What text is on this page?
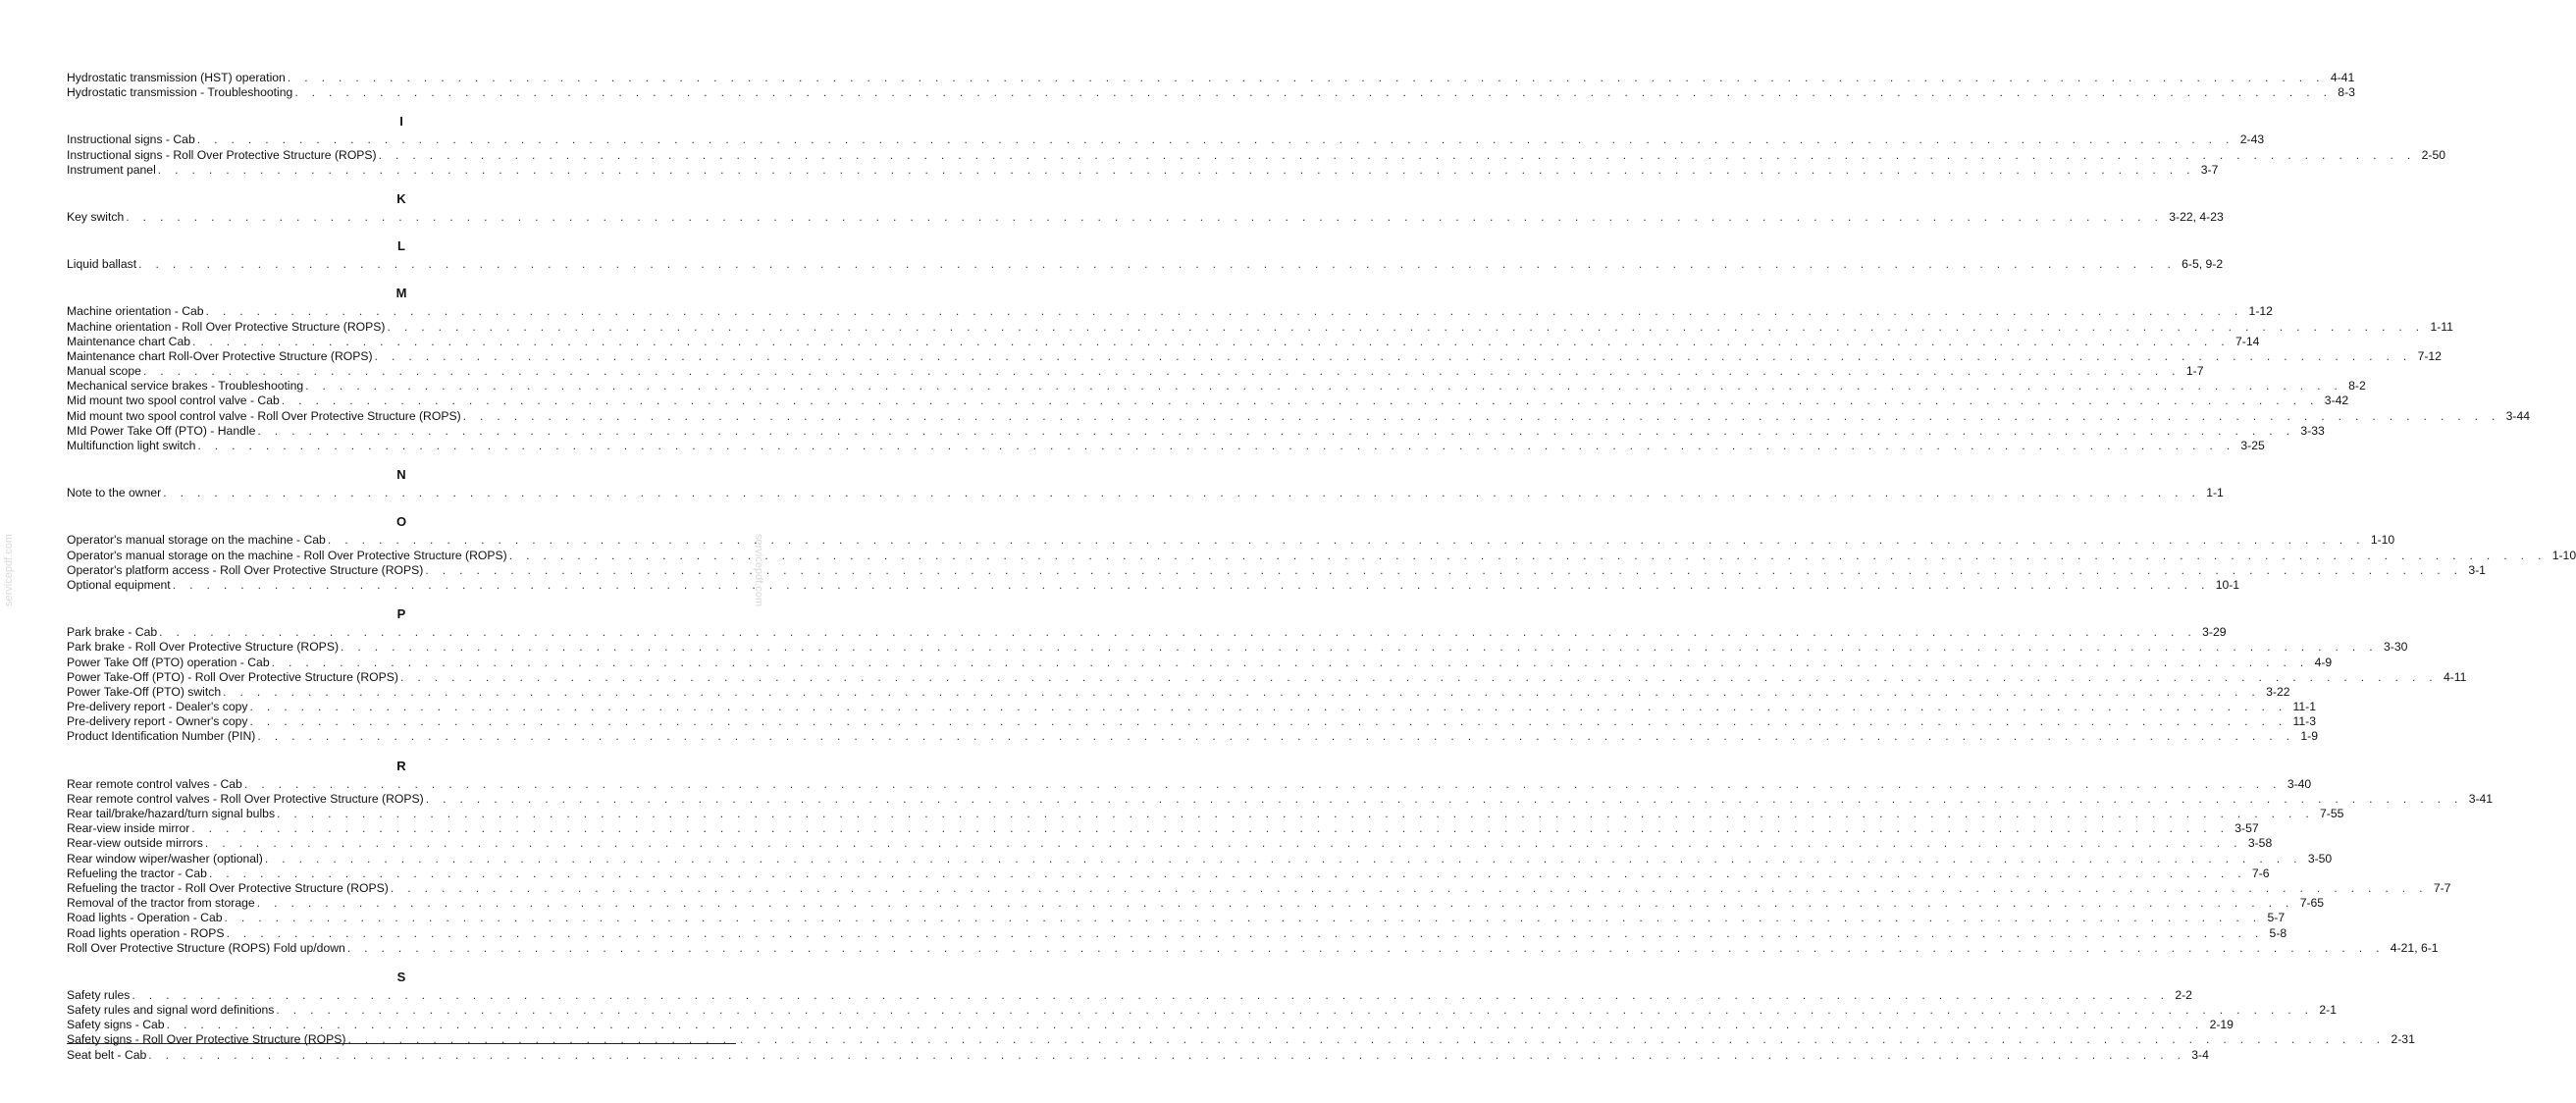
servicepdf.com	servicepdf.com
Hydrostatic transmission (HST) operation . . . . . . . . . . . . . . . . . . . . . . . . . . . . . . . . . . . . . . . . . . . . . . . . . . . . . . . . . . . . . . . . . . . . . . . . . . . . . . . . . . . . . . . . . . . . . . . . . . . . . . . . . . . . . . . . . . . . . . . . 4-41
Hydrostatic transmission - Troubleshooting . . . . . . . . . . . . . . . . . . . . . . . . . . . . . . . . . . . . . . . . . . . . . . . . . . . . . . . . . . . . . . . . . . . . . . . . . . . . . . . . . . . . . . . . . . . . . . . . . . . . . . . . . . . . . . . . . . . . . . . . 8-3
I
Instructional signs - Cab . . . . . . . . . . . . . . . . . . . . . . . . . . . . . . . . . . . . . . . . . . . . . . . . . . . . . . . . . . . . . . . . . . . . . . . . . . . . . . . . . . . . . . . . . . . . . . . . . . . . . . . . . . . . . . . . . . . . . . . . 2-43
Instructional signs - Roll Over Protective Structure (ROPS) . . . . . . . . . . . . . . . . . . . . . . . . . . . . . . . . . . . . . . . . . . . . . . . . . . . . . . . . . . . . . . . . . . . . . . . . . . . . . . . . . . . . . . . . . . . . . . . . . . . . . . . . . . . . . . . . . . . . . . . . 2-50
Instrument panel . . . . . . . . . . . . . . . . . . . . . . . . . . . . . . . . . . . . . . . . . . . . . . . . . . . . . . . . . . . . . . . . . . . . . . . . . . . . . . . . . . . . . . . . . . . . . . . . . . . . . . . . . . . . . . . . . . . . . . . . 3-7
K
Key switch . . . . . . . . . . . . . . . . . . . . . . . . . . . . . . . . . . . . . . . . . . . . . . . . . . . . . . . . . . . . . . . . . . . . . . . . . . . . . . . . . . . . . . . . . . . . . . . . . . . . . . . . . . . . . . . . . . . . . . . . 3-22, 4-23
L
Liquid ballast . . . . . . . . . . . . . . . . . . . . . . . . . . . . . . . . . . . . . . . . . . . . . . . . . . . . . . . . . . . . . . . . . . . . . . . . . . . . . . . . . . . . . . . . . . . . . . . . . . . . . . . . . . . . . . . . . . . . . . . . 6-5, 9-2
M
Machine orientation - Cab . . . . . . . . . . . . . . . . . . . . . . . . . . . . . . . . . . . . . . . . . . . . . . . . . . . . . . . . . . . . . . . . . . . . . . . . . . . . . . . . . . . . . . . . . . . . . . . . . . . . . . . . . . . . . . . . . . . . . . . . 1-12
Machine orientation - Roll Over Protective Structure (ROPS) . . . . . . . . . . . . . . . . . . . . . . . . . . . . . . . . . . . . . . . . . . . . . . . . . . . . . . . . . . . . . . . . . . . . . . . . . . . . . . . . . . . . . . . . . . . . . . . . . . . . . . . . . . . . . . . . . . . . . . . . 1-11
Maintenance chart Cab . . . . . . . . . . . . . . . . . . . . . . . . . . . . . . . . . . . . . . . . . . . . . . . . . . . . . . . . . . . . . . . . . . . . . . . . . . . . . . . . . . . . . . . . . . . . . . . . . . . . . . . . . . . . . . . . . . . . . . . . 7-14
Maintenance chart Roll-Over Protective Structure (ROPS) . . . . . . . . . . . . . . . . . . . . . . . . . . . . . . . . . . . . . . . . . . . . . . . . . . . . . . . . . . . . . . . . . . . . . . . . . . . . . . . . . . . . . . . . . . . . . . . . . . . . . . . . . . . . . . . . . . . . . . . . 7-12
Manual scope . . . . . . . . . . . . . . . . . . . . . . . . . . . . . . . . . . . . . . . . . . . . . . . . . . . . . . . . . . . . . . . . . . . . . . . . . . . . . . . . . . . . . . . . . . . . . . . . . . . . . . . . . . . . . . . . . . . . . . . . 1-7
Mechanical service brakes - Troubleshooting . . . . . . . . . . . . . . . . . . . . . . . . . . . . . . . . . . . . . . . . . . . . . . . . . . . . . . . . . . . . . . . . . . . . . . . . . . . . . . . . . . . . . . . . . . . . . . . . . . . . . . . . . . . . . . . . . . . . . . . . 8-2
Mid mount two spool control valve - Cab . . . . . . . . . . . . . . . . . . . . . . . . . . . . . . . . . . . . . . . . . . . . . . . . . . . . . . . . . . . . . . . . . . . . . . . . . . . . . . . . . . . . . . . . . . . . . . . . . . . . . . . . . . . . . . . . . . . . . . . . 3-42
Mid mount two spool control valve - Roll Over Protective Structure (ROPS) . . . . . . . . . . . . . . . . . . . . . . . . . . . . . . . . . . . . . . . . . . . . . . . . . . . . . . . . . . . . . . . . . . . . . . . . . . . . . . . . . . . . . . . . . . . . . . . . . . . . . . . . . . . . . . . . . . . . . . . . 3-44
MId Power Take Off (PTO) - Handle . . . . . . . . . . . . . . . . . . . . . . . . . . . . . . . . . . . . . . . . . . . . . . . . . . . . . . . . . . . . . . . . . . . . . . . . . . . . . . . . . . . . . . . . . . . . . . . . . . . . . . . . . . . . . . . . . . . . . . . . 3-33
Multifunction light switch . . . . . . . . . . . . . . . . . . . . . . . . . . . . . . . . . . . . . . . . . . . . . . . . . . . . . . . . . . . . . . . . . . . . . . . . . . . . . . . . . . . . . . . . . . . . . . . . . . . . . . . . . . . . . . . . . . . . . . . . 3-25
N
Note to the owner . . . . . . . . . . . . . . . . . . . . . . . . . . . . . . . . . . . . . . . . . . . . . . . . . . . . . . . . . . . . . . . . . . . . . . . . . . . . . . . . . . . . . . . . . . . . . . . . . . . . . . . . . . . . . . . . . . . . . . . . 1-1
O
Operator's manual storage on the machine - Cab . . . . . . . . . . . . . . . . . . . . . . . . . . . . . . . . . . . . . . . . . . . . . . . . . . . . . . . . . . . . . . . . . . . . . . . . . . . . . . . . . . . . . . . . . . . . . . . . . . . . . . . . . . . . . . . . . . . . . . . . 1-10
Operator's manual storage on the machine - Roll Over Protective Structure (ROPS) . . . . . . . . . . . . . . . . . . . . . . . . . . . . . . . . . . . . . . . . . . . . . . . . . . . . . . . . . . . . . . . . . . . . . . . . . . . . . . . . . . . . . . . . . . . . . . . . . . . . . . . . . . . . . . . . . . . . . . . . 1-10
Operator's platform access - Roll Over Protective Structure (ROPS) . . . . . . . . . . . . . . . . . . . . . . . . . . . . . . . . . . . . . . . . . . . . . . . . . . . . . . . . . . . . . . . . . . . . . . . . . . . . . . . . . . . . . . . . . . . . . . . . . . . . . . . . . . . . . . . . . . . . . . . . 3-1
Optional equipment . . . . . . . . . . . . . . . . . . . . . . . . . . . . . . . . . . . . . . . . . . . . . . . . . . . . . . . . . . . . . . . . . . . . . . . . . . . . . . . . . . . . . . . . . . . . . . . . . . . . . . . . . . . . . . . . . . . . . . . . 10-1
P
Park brake - Cab . . . . . . . . . . . . . . . . . . . . . . . . . . . . . . . . . . . . . . . . . . . . . . . . . . . . . . . . . . . . . . . . . . . . . . . . . . . . . . . . . . . . . . . . . . . . . . . . . . . . . . . . . . . . . . . . . . . . . . . . 3-29
Park brake - Roll Over Protective Structure (ROPS) . . . . . . . . . . . . . . . . . . . . . . . . . . . . . . . . . . . . . . . . . . . . . . . . . . . . . . . . . . . . . . . . . . . . . . . . . . . . . . . . . . . . . . . . . . . . . . . . . . . . . . . . . . . . . . . . . . . . . . . . 3-30
Power Take Off (PTO) operation - Cab . . . . . . . . . . . . . . . . . . . . . . . . . . . . . . . . . . . . . . . . . . . . . . . . . . . . . . . . . . . . . . . . . . . . . . . . . . . . . . . . . . . . . . . . . . . . . . . . . . . . . . . . . . . . . . . . . . . . . . . . 4-9
Power Take-Off (PTO) - Roll Over Protective Structure (ROPS) . . . . . . . . . . . . . . . . . . . . . . . . . . . . . . . . . . . . . . . . . . . . . . . . . . . . . . . . . . . . . . . . . . . . . . . . . . . . . . . . . . . . . . . . . . . . . . . . . . . . . . . . . . . . . . . . . . . . . . . . 4-11
Power Take-Off (PTO) switch . . . . . . . . . . . . . . . . . . . . . . . . . . . . . . . . . . . . . . . . . . . . . . . . . . . . . . . . . . . . . . . . . . . . . . . . . . . . . . . . . . . . . . . . . . . . . . . . . . . . . . . . . . . . . . . . . . . . . . . . 3-22
Pre-delivery report - Dealer's copy . . . . . . . . . . . . . . . . . . . . . . . . . . . . . . . . . . . . . . . . . . . . . . . . . . . . . . . . . . . . . . . . . . . . . . . . . . . . . . . . . . . . . . . . . . . . . . . . . . . . . . . . . . . . . . . . . . . . . . . . 11-1
Pre-delivery report - Owner's copy . . . . . . . . . . . . . . . . . . . . . . . . . . . . . . . . . . . . . . . . . . . . . . . . . . . . . . . . . . . . . . . . . . . . . . . . . . . . . . . . . . . . . . . . . . . . . . . . . . . . . . . . . . . . . . . . . . . . . . . . 11-3
Product Identification Number (PIN) . . . . . . . . . . . . . . . . . . . . . . . . . . . . . . . . . . . . . . . . . . . . . . . . . . . . . . . . . . . . . . . . . . . . . . . . . . . . . . . . . . . . . . . . . . . . . . . . . . . . . . . . . . . . . . . . . . . . . . . . 1-9
R
Rear remote control valves - Cab . . . . . . . . . . . . . . . . . . . . . . . . . . . . . . . . . . . . . . . . . . . . . . . . . . . . . . . . . . . . . . . . . . . . . . . . . . . . . . . . . . . . . . . . . . . . . . . . . . . . . . . . . . . . . . . . . . . . . . . . 3-40
Rear remote control valves - Roll Over Protective Structure (ROPS) . . . . . . . . . . . . . . . . . . . . . . . . . . . . . . . . . . . . . . . . . . . . . . . . . . . . . . . . . . . . . . . . . . . . . . . . . . . . . . . . . . . . . . . . . . . . . . . . . . . . . . . . . . . . . . . . . . . . . . . . 3-41
Rear tail/brake/hazard/turn signal bulbs . . . . . . . . . . . . . . . . . . . . . . . . . . . . . . . . . . . . . . . . . . . . . . . . . . . . . . . . . . . . . . . . . . . . . . . . . . . . . . . . . . . . . . . . . . . . . . . . . . . . . . . . . . . . . . . . . . . . . . . . 7-55
Rear-view inside mirror . . . . . . . . . . . . . . . . . . . . . . . . . . . . . . . . . . . . . . . . . . . . . . . . . . . . . . . . . . . . . . . . . . . . . . . . . . . . . . . . . . . . . . . . . . . . . . . . . . . . . . . . . . . . . . . . . . . . . . . . 3-57
Rear-view outside mirrors . . . . . . . . . . . . . . . . . . . . . . . . . . . . . . . . . . . . . . . . . . . . . . . . . . . . . . . . . . . . . . . . . . . . . . . . . . . . . . . . . . . . . . . . . . . . . . . . . . . . . . . . . . . . . . . . . . . . . . . . 3-58
Rear window wiper/washer (optional) . . . . . . . . . . . . . . . . . . . . . . . . . . . . . . . . . . . . . . . . . . . . . . . . . . . . . . . . . . . . . . . . . . . . . . . . . . . . . . . . . . . . . . . . . . . . . . . . . . . . . . . . . . . . . . . . . . . . . . . . 3-50
Refueling the tractor - Cab . . . . . . . . . . . . . . . . . . . . . . . . . . . . . . . . . . . . . . . . . . . . . . . . . . . . . . . . . . . . . . . . . . . . . . . . . . . . . . . . . . . . . . . . . . . . . . . . . . . . . . . . . . . . . . . . . . . . . . . . 7-6
Refueling the tractor - Roll Over Protective Structure (ROPS) . . . . . . . . . . . . . . . . . . . . . . . . . . . . . . . . . . . . . . . . . . . . . . . . . . . . . . . . . . . . . . . . . . . . . . . . . . . . . . . . . . . . . . . . . . . . . . . . . . . . . . . . . . . . . . . . . . . . . . . . 7-7
Removal of the tractor from storage . . . . . . . . . . . . . . . . . . . . . . . . . . . . . . . . . . . . . . . . . . . . . . . . . . . . . . . . . . . . . . . . . . . . . . . . . . . . . . . . . . . . . . . . . . . . . . . . . . . . . . . . . . . . . . . . . . . . . . . . 7-65
Road lights - Operation - Cab . . . . . . . . . . . . . . . . . . . . . . . . . . . . . . . . . . . . . . . . . . . . . . . . . . . . . . . . . . . . . . . . . . . . . . . . . . . . . . . . . . . . . . . . . . . . . . . . . . . . . . . . . . . . . . . . . . . . . . . . 5-7
Road lights operation - ROPS . . . . . . . . . . . . . . . . . . . . . . . . . . . . . . . . . . . . . . . . . . . . . . . . . . . . . . . . . . . . . . . . . . . . . . . . . . . . . . . . . . . . . . . . . . . . . . . . . . . . . . . . . . . . . . . . . . . . . . . . 5-8
Roll Over Protective Structure (ROPS) Fold up/down . . . . . . . . . . . . . . . . . . . . . . . . . . . . . . . . . . . . . . . . . . . . . . . . . . . . . . . . . . . . . . . . . . . . . . . . . . . . . . . . . . . . . . . . . . . . . . . . . . . . . . . . . . . . . . . . . . . . . . . . 4-21, 6-1
S
Safety rules . . . . . . . . . . . . . . . . . . . . . . . . . . . . . . . . . . . . . . . . . . . . . . . . . . . . . . . . . . . . . . . . . . . . . . . . . . . . . . . . . . . . . . . . . . . . . . . . . . . . . . . . . . . . . . . . . . . . . . . . 2-2
Safety rules and signal word definitions . . . . . . . . . . . . . . . . . . . . . . . . . . . . . . . . . . . . . . . . . . . . . . . . . . . . . . . . . . . . . . . . . . . . . . . . . . . . . . . . . . . . . . . . . . . . . . . . . . . . . . . . . . . . . . . . . . . . . . . . 2-1
Safety signs - Cab . . . . . . . . . . . . . . . . . . . . . . . . . . . . . . . . . . . . . . . . . . . . . . . . . . . . . . . . . . . . . . . . . . . . . . . . . . . . . . . . . . . . . . . . . . . . . . . . . . . . . . . . . . . . . . . . . . . . . . . . 2-19
Safety signs - Roll Over Protective Structure (ROPS) . . . . . . . . . . . . . . . . . . . . . . . . . . . . . . . . . . . . . . . . . . . . . . . . . . . . . . . . . . . . . . . . . . . . . . . . . . . . . . . . . . . . . . . . . . . . . . . . . . . . . . . . . . . . . . . . . . . . . . . . 2-31
Seat belt - Cab . . . . . . . . . . . . . . . . . . . . . . . . . . . . . . . . . . . . . . . . . . . . . . . . . . . . . . . . . . . . . . . . . . . . . . . . . . . . . . . . . . . . . . . . . . . . . . . . . . . . . . . . . . . . . . . . . . . . . . . . 3-4
